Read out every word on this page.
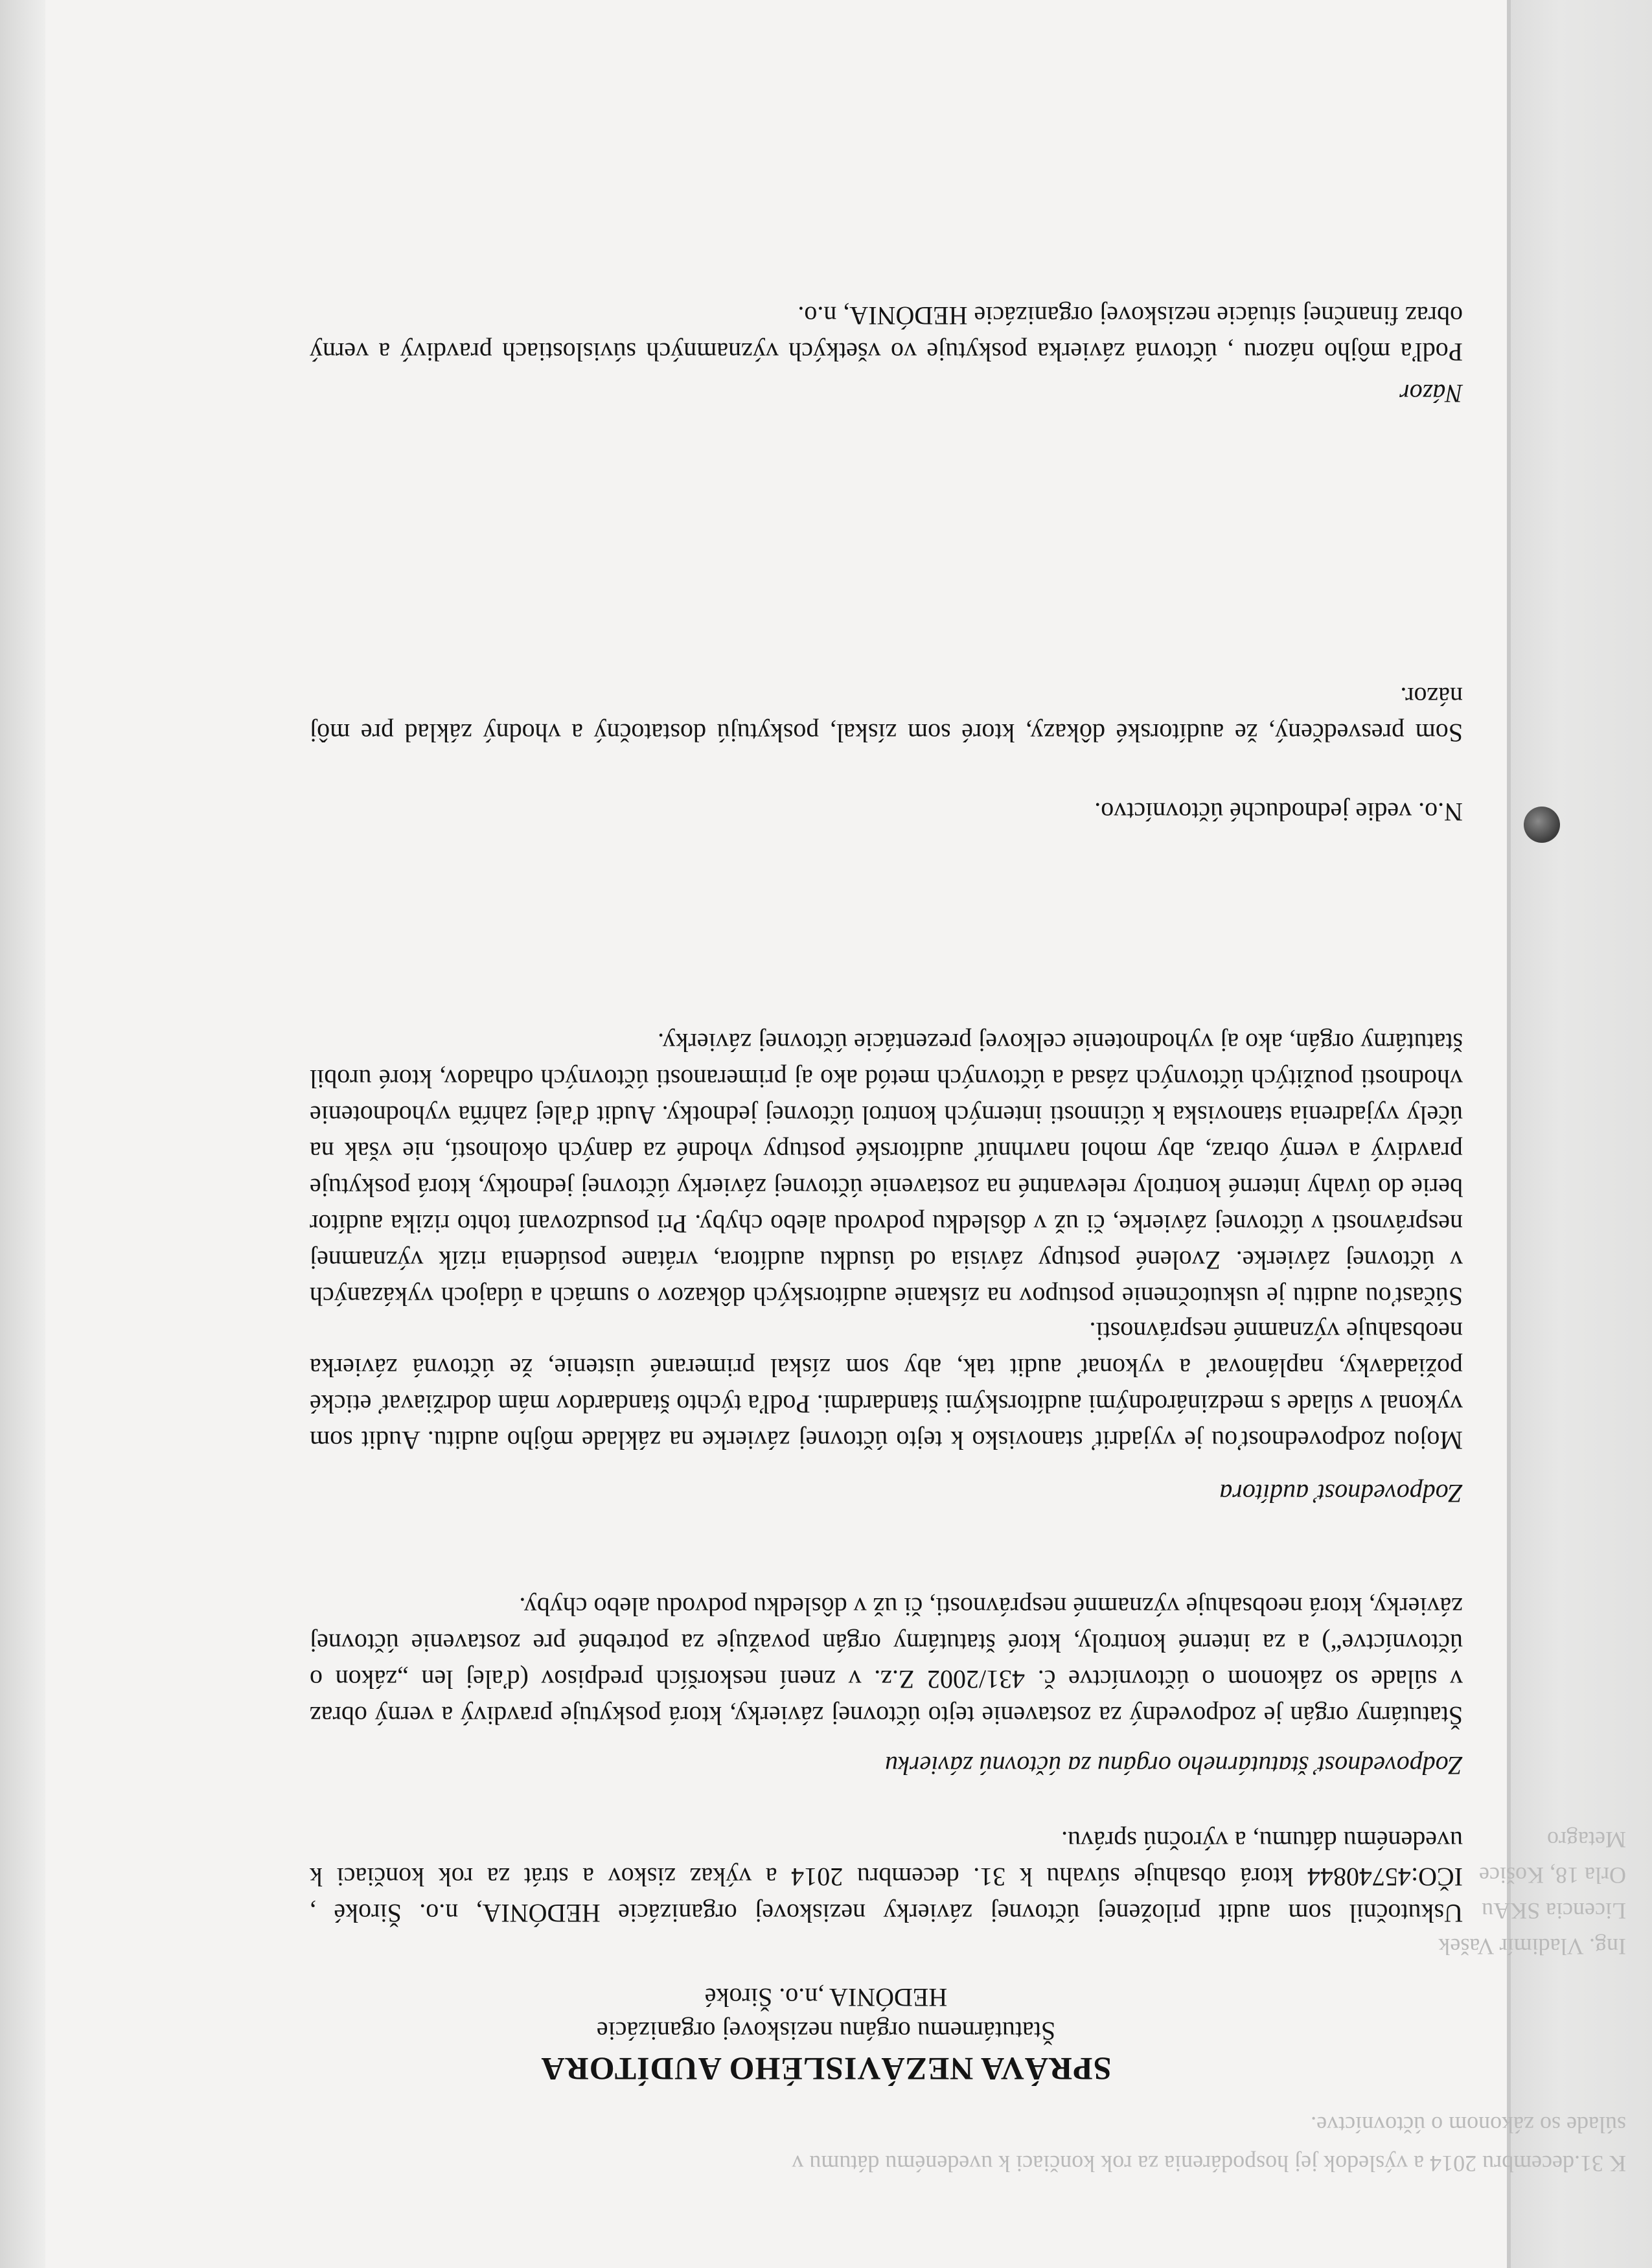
K 31.decembru 2014 a výsledok jej hospodárenia za rok končiaci k uvedenému dátumu v
súlade so zákonom o účtovníctve.
Ing. Vladimír Vašek
Licencia SKAu
Orla 18, Košice
Metagro
SPRÁVA NEZÁVISLÉHO AUDÍTORA
Štatutárnemu orgánu neziskovej organizácie
HEDÓNIA ,n.o. Široké

Uskutočnil som audit priloženej účtovnej závierky neziskovej organizácie HEDÓNIA, n.o. Široké , IČO:45740844 ktorá obsahuje súvahu k 31. decembru 2014 a výkaz ziskov a strát za rok končiaci k uvedenému dátumu, a výročnú správu.

Zodpovednosť štatutárneho orgánu za účtovnú závierku

Štatutárny orgán je zodpovedný za zostavenie tejto účtovnej závierky, ktorá poskytuje pravdivý a verný obraz v súlade so zákonom o účtovníctve č. 431/2002 Z.z. v znení neskorších predpisov (ďalej len „zákon o účtovníctve“) a za interné kontroly, ktoré štatutárny orgán považuje za potrebné pre zostavenie účtovnej závierky, ktorá neobsahuje významné nesprávnosti, či už v dôsledku podvodu alebo chyby.

Zodpovednosť audítora

Mojou zodpovednosťou je vyjadriť stanovisko k tejto účtovnej závierke na základe môjho auditu. Audit som vykonal v súlade s medzinárodnými audítorskými štandardmi. Podľa týchto štandardov mám dodržiavať etické požiadavky, naplánovať a vykonať audit tak, aby som získal primerané uistenie, že účtovná závierka neobsahuje významné nesprávnosti.

Súčasťou auditu je uskutočnenie postupov na získanie audítorských dôkazov o sumách a údajoch vykázaných v účtovnej závierke. Zvolené postupy závisia od úsudku audítora, vrátane posúdenia rizík významnej nesprávnosti v účtovnej závierke, či už v dôsledku podvodu alebo chyby. Pri posudzovaní tohto rizika audítor berie do úvahy interné kontroly relevantné na zostavenie účtovnej závierky účtovnej jednotky, ktorá poskytuje pravdivý a verný obraz, aby mohol navrhnúť audítorské postupy vhodné za daných okolností, nie však na účely vyjadrenia stanoviska k účinnosti interných kontrol účtovnej jednotky. Audit ďalej zahŕňa vyhodnotenie vhodnosti použitých účtovných zásad a účtovných metód ako aj primeranosti účtovných odhadov, ktoré urobil štatutárny orgán, ako aj vyhodnotenie celkovej prezentácie účtovnej závierky.

N.o. vedie jednoduché účtovníctvo.

Som presvedčený, že audítorské dôkazy, ktoré som získal, poskytujú dostatočný a vhodný základ pre môj názor.

Názor

Podľa môjho názoru , účtovná závierka poskytuje vo všetkých významných súvislostiach pravdivý a verný obraz finančnej situácie neziskovej organizácie HEDÓNIA, n.o.
